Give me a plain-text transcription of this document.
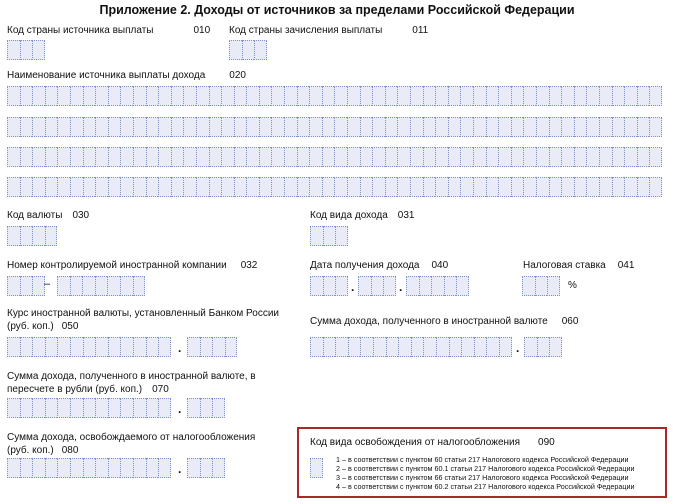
Приложение 2. Доходы от источников за пределами Российской Федерации
Код страны источника выплаты	010 Код страны зачисления выплаты	011
Наименование источника выплаты дохода 020
Код валюты 030	Код вида дохода 031
Номер контролируемой иностранной компании 032
–
Дата получения дохода 040
.	.
Налоговая ставка 041
%
Курс иностранной валюты, установленный Банком России
(руб. коп.) 050
.
Сумма дохода, полученного в иностранной валюте 060
.
Сумма дохода, полученного в иностранной валюте, в
пересчете в рубли (руб. коп.) 070
.
Сумма дохода, освобождаемого от налогообложения
(руб. коп.) 080
.
Код вида освобождения от налогообложения 090
1 – в соответствии с пунктом 60 статьи 217 Налогового кодекса Российской Федерации
2 – в соответствии с пунктом 60.1 статьи 217 Налогового кодекса Российской Федерации
3 – в соответствии с пунктом 66 статьи 217 Налогового кодекса Российской Федерации
4 – в соответствии с пунктом 60.2 статьи 217 Налогового кодекса Российской Федерации
